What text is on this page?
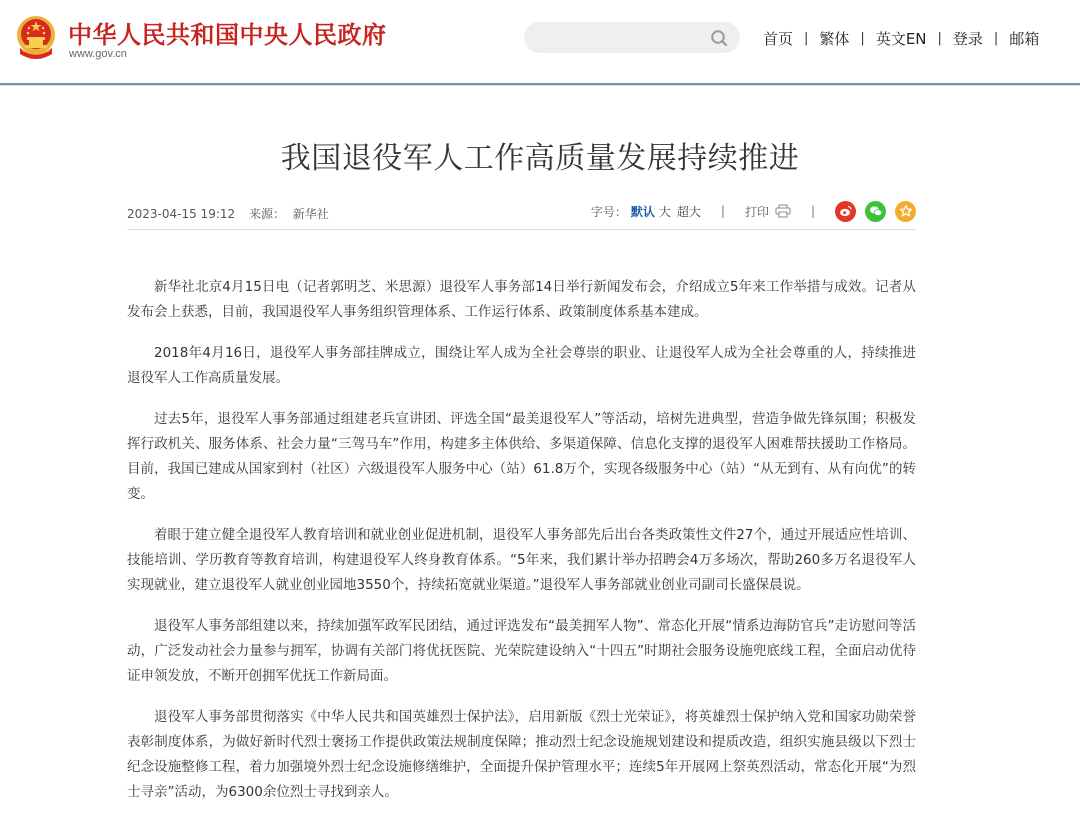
中华人民共和国中央人民政府
www.gov.cn
首页 | 繁体 | 英文EN | 登录 | 邮箱
我国退役军人工作高质量发展持续推进
2023-04-15 19:12 来源： 新华社	字号： 默认 大 超大 | 打印	|

新华社北京4月15日电（记者郭明芝、米思源）退役军人事务部14日举行新闻发布会，介绍成立5年来工作举措与成效。记者从发布会上获悉，目前，我国退役军人事务组织管理体系、工作运行体系、政策制度体系基本建成。

2018年4月16日，退役军人事务部挂牌成立，围绕让军人成为全社会尊崇的职业、让退役军人成为全社会尊重的人，持续推进退役军人工作高质量发展。

过去5年，退役军人事务部通过组建老兵宣讲团、评选全国“最美退役军人”等活动，培树先进典型，营造争做先锋氛围；积极发挥行政机关、服务体系、社会力量“三驾马车”作用，构建多主体供给、多渠道保障、信息化支撑的退役军人困难帮扶援助工作格局。目前，我国已建成从国家到村（社区）六级退役军人服务中心（站）61.8万个，实现各级服务中心（站）“从无到有、从有向优”的转变。

着眼于建立健全退役军人教育培训和就业创业促进机制，退役军人事务部先后出台各类政策性文件27个，通过开展适应性培训、技能培训、学历教育等教育培训，构建退役军人终身教育体系。“5年来，我们累计举办招聘会4万多场次，帮助260多万名退役军人实现就业，建立退役军人就业创业园地3550个，持续拓宽就业渠道。”退役军人事务部就业创业司副司长盛保晨说。

退役军人事务部组建以来，持续加强军政军民团结，通过评选发布“最美拥军人物”、常态化开展“情系边海防官兵”走访慰问等活动，广泛发动社会力量参与拥军，协调有关部门将优抚医院、光荣院建设纳入“十四五”时期社会服务设施兜底线工程，全面启动优待证申领发放，不断开创拥军优抚工作新局面。

退役军人事务部贯彻落实《中华人民共和国英雄烈士保护法》，启用新版《烈士光荣证》，将英雄烈士保护纳入党和国家功勋荣誉表彰制度体系，为做好新时代烈士褒扬工作提供政策法规制度保障；推动烈士纪念设施规划建设和提质改造，组织实施县级以下烈士纪念设施整修工程，着力加强境外烈士纪念设施修缮维护，全面提升保护管理水平；连续5年开展网上祭英烈活动，常态化开展“为烈士寻亲”活动，为6300余位烈士寻找到亲人。
